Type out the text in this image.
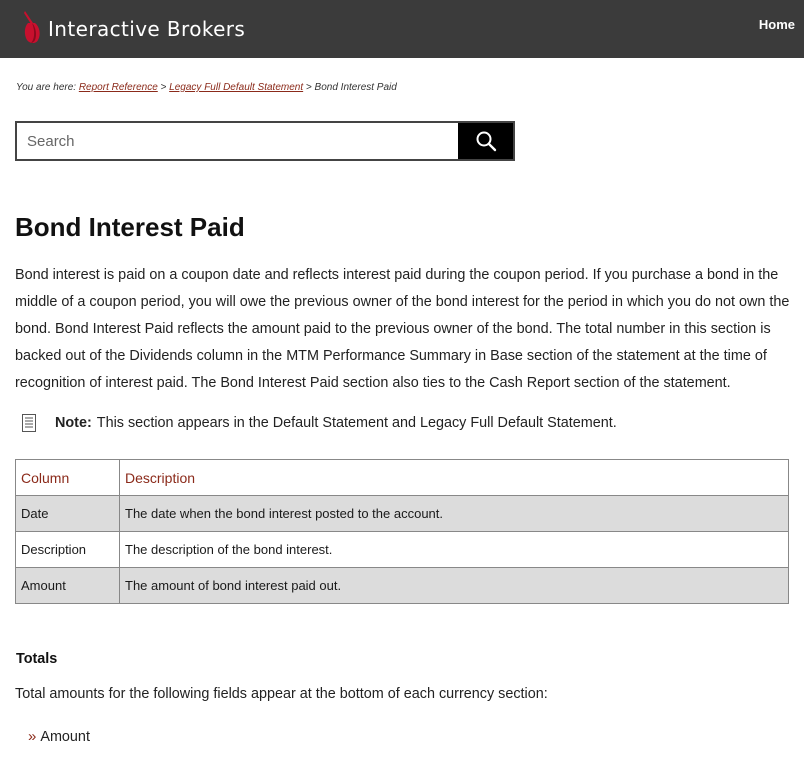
Interactive Brokers	Home
You are here: Report Reference > Legacy Full Default Statement > Bond Interest Paid
Search
Bond Interest Paid

Bond interest is paid on a coupon date and reflects interest paid during the coupon period. If you purchase a bond in the middle of a coupon period, you will owe the previous owner of the bond interest for the period in which you do not own the bond. Bond Interest Paid reflects the amount paid to the previous owner of the bond. The total number in this section is backed out of the Dividends column in the MTM Performance Summary in Base section of the statement at the time of recognition of interest paid. The Bond Interest Paid section also ties to the Cash Report section of the statement.

Note: This section appears in the Default Statement and Legacy Full Default Statement.
Column	Description
Date	The date when the bond interest posted to the account.
Description	The description of the bond interest.
Amount	The amount of bond interest paid out.
Totals

Total amounts for the following fields appear at the bottom of each currency section:

» Amount
